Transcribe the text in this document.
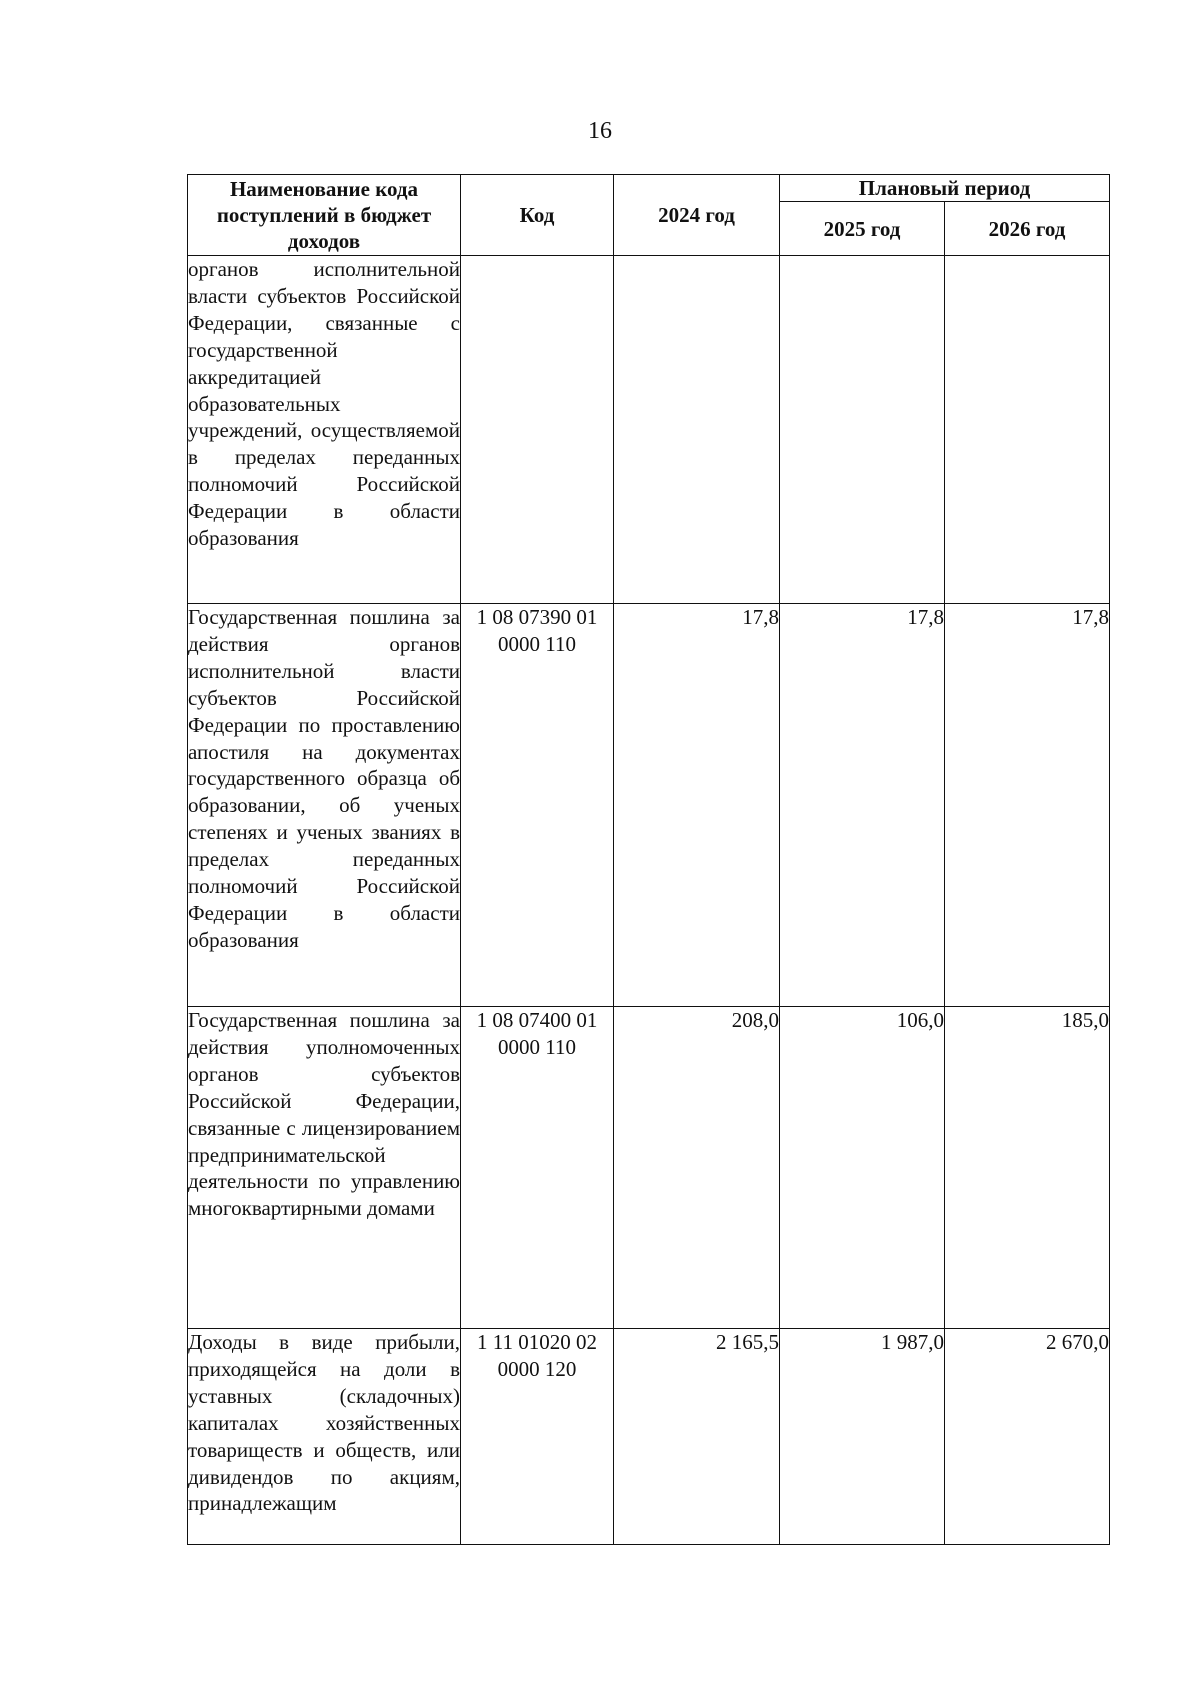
16
Наименование кода поступлений в бюджет доходов	Код	2024 год	Плановый период	
			2025 год	2026 год
органов исполнительной власти субъектов Российской Федерации, связанные с государственной аккредитацией образовательных учреждений, осуществляемой в пределах переданных полномочий Российской Федерации в области образования				
Государственная пошлина за действия органов исполнительной власти субъектов Российской Федерации по проставлению апостиля на документах государственного образца об образовании, об ученых степенях и ученых званиях в пределах переданных полномочий Российской Федерации в области образования	1 08 07390 01 0000 110	17,8	17,8	17,8
Государственная пошлина за действия уполномоченных органов субъектов Российской Федерации, связанные с лицензированием предпринимательской деятельности по управлению многоквартирными домами	1 08 07400 01 0000 110	208,0	106,0	185,0
Доходы в виде прибыли, приходящейся на доли в уставных (складочных) капиталах хозяйственных товариществ и обществ, или дивидендов по акциям, принадлежащим	1 11 01020 02 0000 120	2 165,5	1 987,0	2 670,0
